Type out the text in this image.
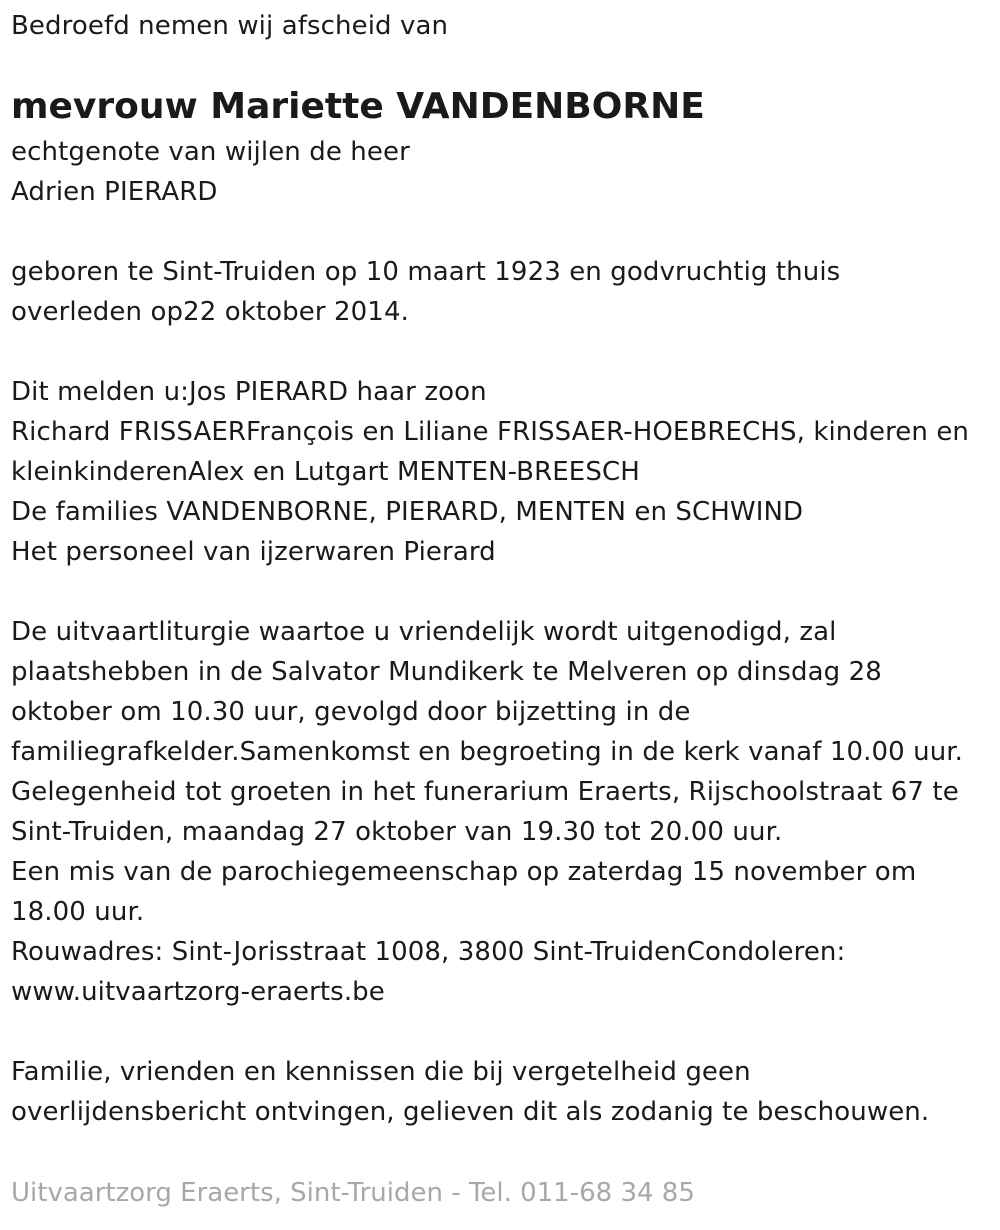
Bedroefd nemen wij afscheid van
mevrouw Mariette VANDENBORNE
echtgenote van wijlen de heer
Adrien PIERARD
geboren te Sint-Truiden op 10 maart 1923 en godvruchtig thuis
overleden op22 oktober 2014.
Dit melden u:Jos PIERARD haar zoon
Richard FRISSAERFrançois en Liliane FRISSAER-HOEBRECHS, kinderen en
kleinkinderenAlex en Lutgart MENTEN-BREESCH
De families VANDENBORNE, PIERARD, MENTEN en SCHWIND
Het personeel van ijzerwaren Pierard
De uitvaartliturgie waartoe u vriendelijk wordt uitgenodigd, zal
plaatshebben in de Salvator Mundikerk te Melveren op dinsdag 28
oktober om 10.30 uur, gevolgd door bijzetting in de
familiegrafkelder.Samenkomst en begroeting in de kerk vanaf 10.00 uur.
Gelegenheid tot groeten in het funerarium Eraerts, Rijschoolstraat 67 te
Sint-Truiden, maandag 27 oktober van 19.30 tot 20.00 uur.
Een mis van de parochiegemeenschap op zaterdag 15 november om
18.00 uur.
Rouwadres: Sint-Jorisstraat 1008, 3800 Sint-TruidenCondoleren:
www.uitvaartzorg-eraerts.be
Familie, vrienden en kennissen die bij vergetelheid geen
overlijdensbericht ontvingen, gelieven dit als zodanig te beschouwen.
Uitvaartzorg Eraerts, Sint-Truiden - Tel. 011-68 34 85
